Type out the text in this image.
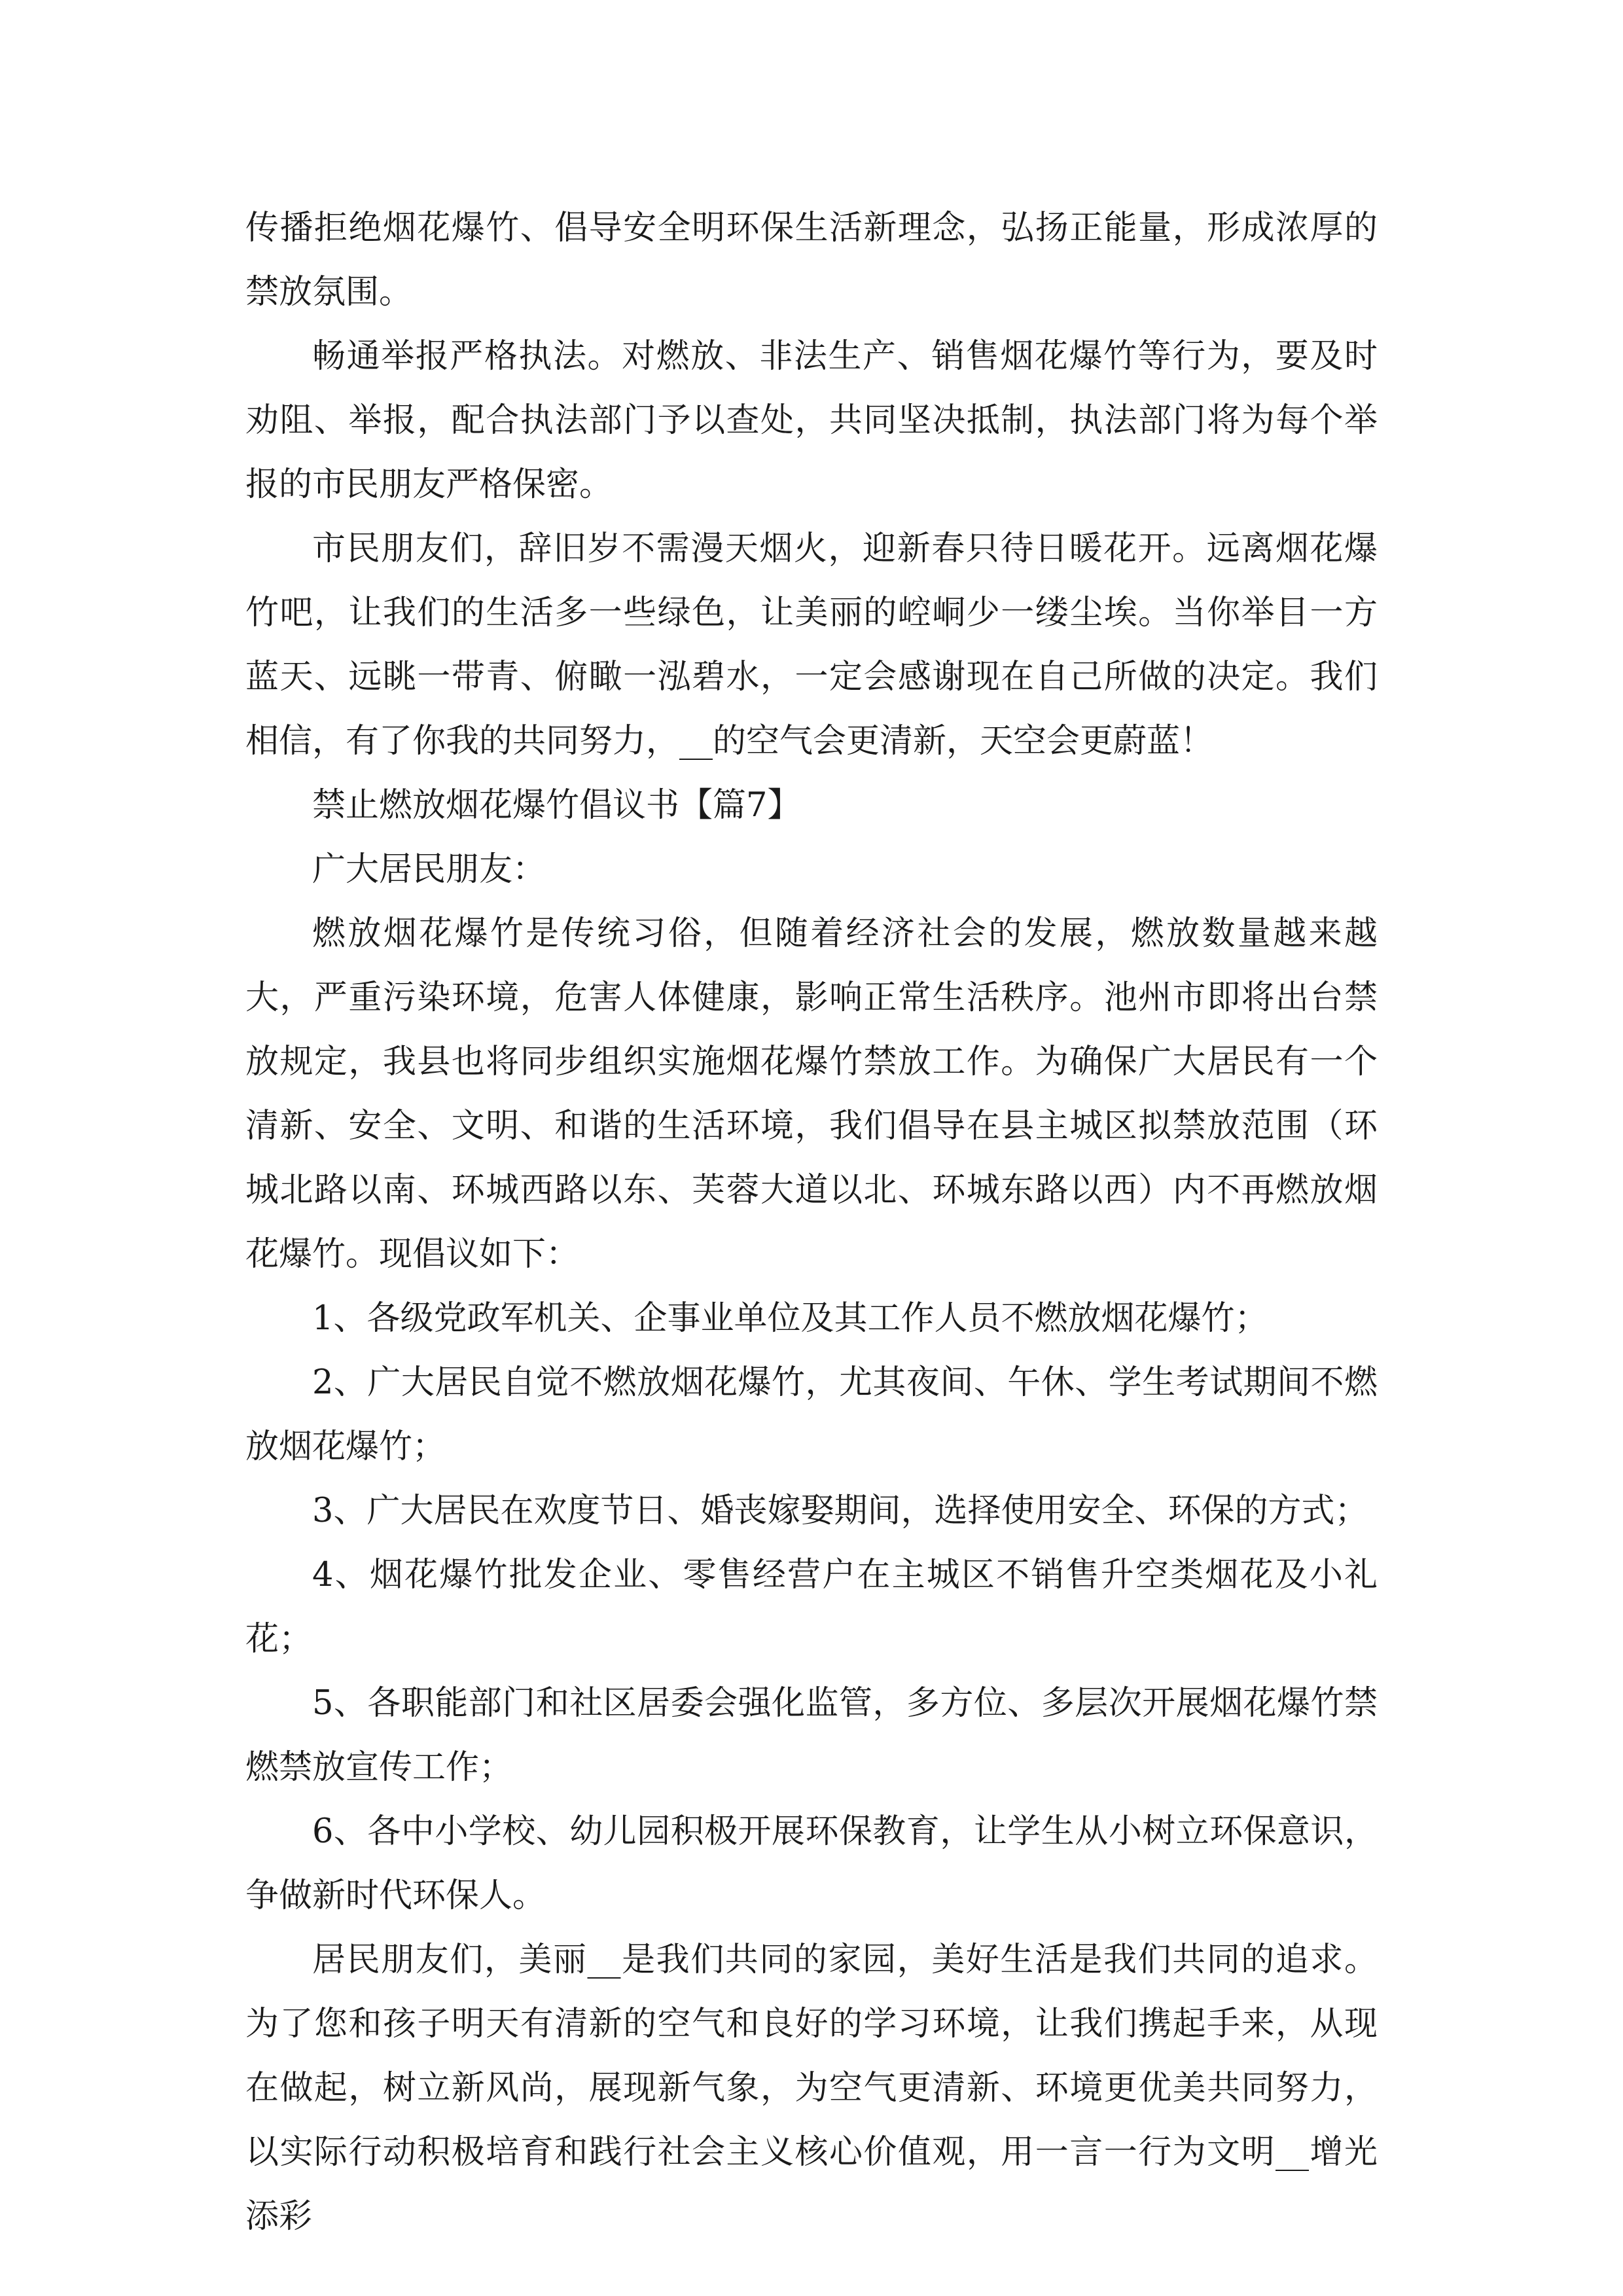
传播拒绝烟花爆竹、倡导安全明环保生活新理念，弘扬正能量，形成浓厚的禁放氛围。

畅通举报严格执法。对燃放、非法生产、销售烟花爆竹等行为，要及时劝阻、举报，配合执法部门予以查处，共同坚决抵制，执法部门将为每个举报的市民朋友严格保密。

市民朋友们，辞旧岁不需漫天烟火，迎新春只待日暖花开。远离烟花爆竹吧，让我们的生活多一些绿色，让美丽的崆峒少一缕尘埃。当你举目一方蓝天、远眺一带青、俯瞰一泓碧水，一定会感谢现在自己所做的决定。我们相信，有了你我的共同努力，__的空气会更清新，天空会更蔚蓝！

禁止燃放烟花爆竹倡议书【篇7】

广大居民朋友：

燃放烟花爆竹是传统习俗，但随着经济社会的发展，燃放数量越来越大，严重污染环境，危害人体健康，影响正常生活秩序。池州市即将出台禁放规定，我县也将同步组织实施烟花爆竹禁放工作。为确保广大居民有一个清新、安全、文明、和谐的生活环境，我们倡导在县主城区拟禁放范围（环城北路以南、环城西路以东、芙蓉大道以北、环城东路以西）内不再燃放烟花爆竹。现倡议如下：

1、各级党政军机关、企事业单位及其工作人员不燃放烟花爆竹；

2、广大居民自觉不燃放烟花爆竹，尤其夜间、午休、学生考试期间不燃放烟花爆竹；

3、广大居民在欢度节日、婚丧嫁娶期间，选择使用安全、环保的方式；

4、烟花爆竹批发企业、零售经营户在主城区不销售升空类烟花及小礼花；

5、各职能部门和社区居委会强化监管，多方位、多层次开展烟花爆竹禁燃禁放宣传工作；

6、各中小学校、幼儿园积极开展环保教育，让学生从小树立环保意识，争做新时代环保人。

居民朋友们，美丽__是我们共同的家园，美好生活是我们共同的追求。为了您和孩子明天有清新的空气和良好的学习环境，让我们携起手来，从现在做起，树立新风尚，展现新气象，为空气更清新、环境更优美共同努力，以实际行动积极培育和践行社会主义核心价值观，用一言一行为文明__增光添彩
